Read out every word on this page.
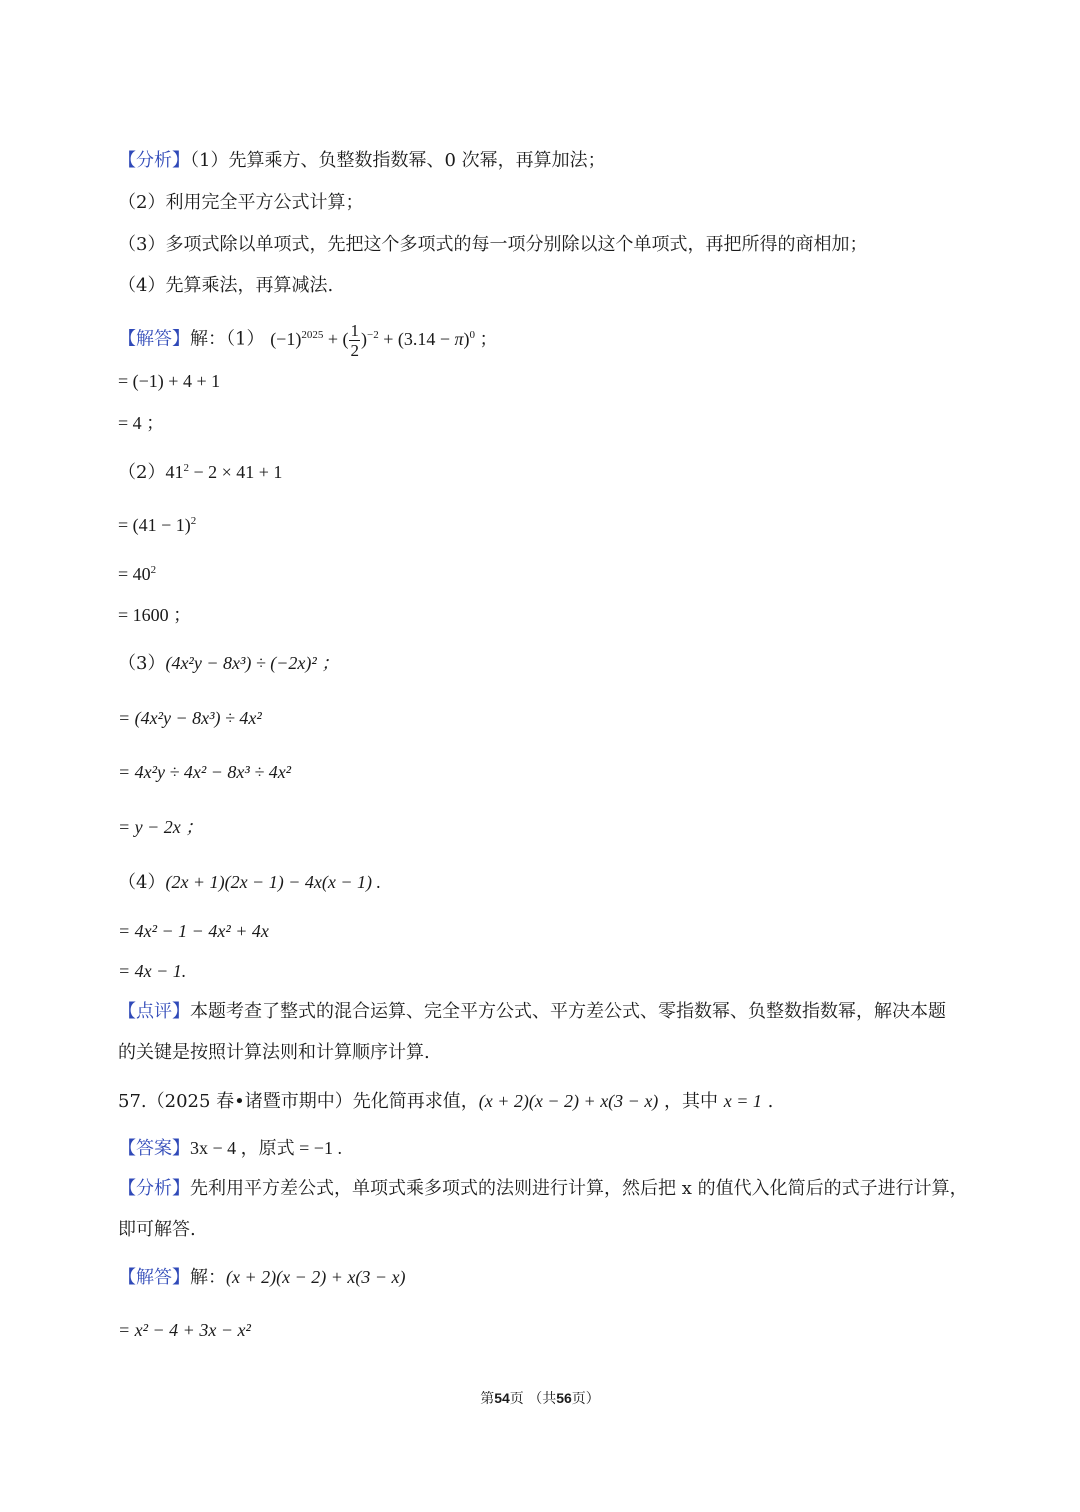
【分析】（1）先算乘方、负整数指数幂、0 次幂，再算加法；
（2）利用完全平方公式计算；
（3）多项式除以单项式，先把这个多项式的每一项分别除以这个单项式，再把所得的商相加；
（4）先算乘法，再算减法.
【解答】解：（1） $(-1)^{2025}$ + ( $\frac{1}{2} )^{-2} + (3.14 - \pi)^0$ ；
= (−1) + 4 + 1
= 4 ；
$(2)41^2 - 2 \times 41 + 1$
= $(41 - 1)^2$
= $40^2$
= 1600 ；
（3）(4x²y − 8x³) ÷ (−2x)² ；
= (4x²y − 8x³) ÷ 4x²
= 4x²y ÷ 4x² − 8x³ ÷ 4x²
= y − 2x ；
（4）(2x + 1)(2x − 1) − 4x(x − 1) .
= 4x² − 1 − 4x² + 4x
= 4x − 1.
【点评】本题考查了整式的混合运算、完全平方公式、平方差公式、零指数幂、负整数指数幂，解决本题
的关键是按照计算法则和计算顺序计算.
57.（2025 春•诸暨市期中）先化简再求值，(x + 2)(x − 2) + x(3 − x) ，其中 x = 1 .
【答案】3x − 4 ，原式 = −1 .
【分析】先利用平方差公式，单项式乘多项式的法则进行计算，然后把 x 的值代入化简后的式子进行计算，
即可解答.
【解答】解：(x + 2)(x − 2) + x(3 − x)
= x² − 4 + 3x − x²
第54页 （共56页）
